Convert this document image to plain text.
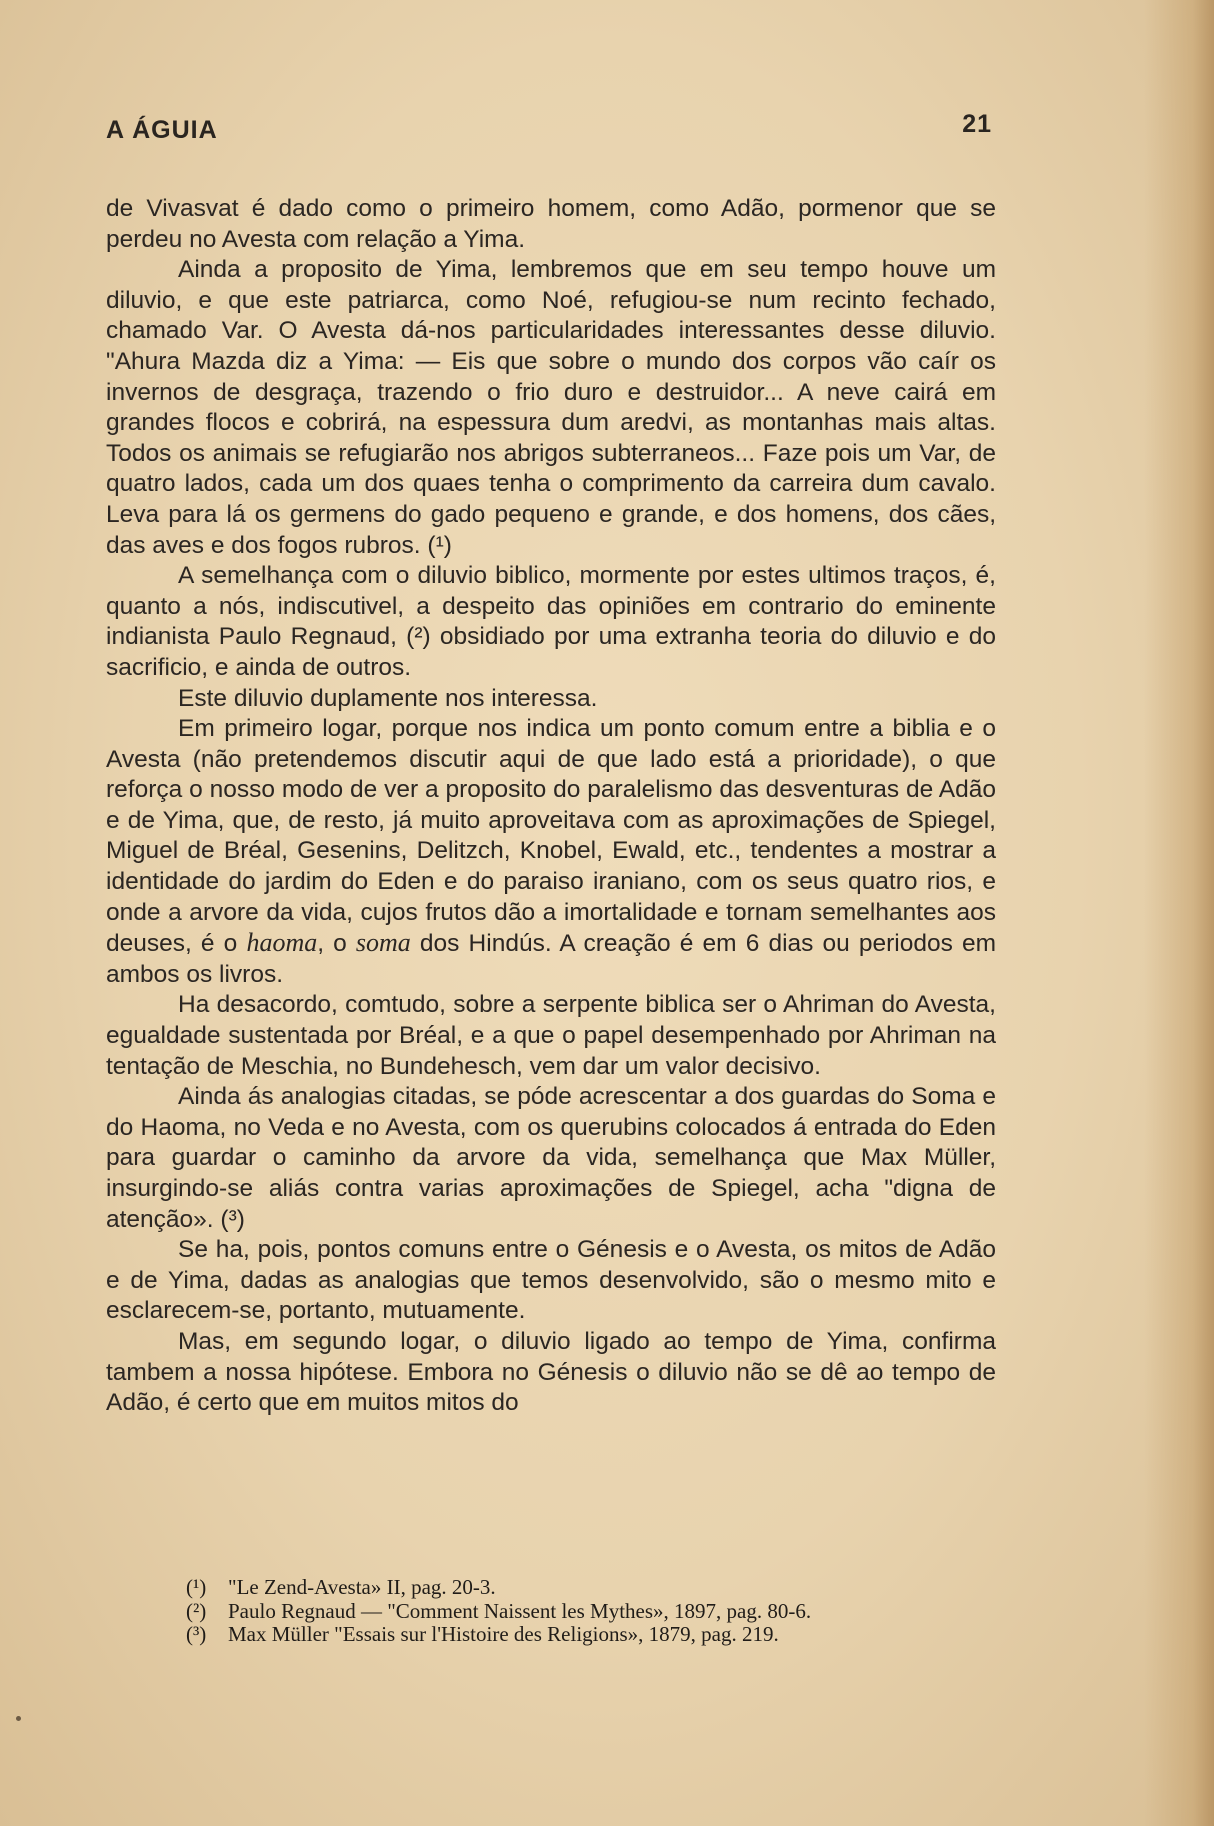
A ÁGUIA	21

de Vivasvat é dado como o primeiro homem, como Adão, pormenor que se perdeu no Avesta com relação a Yima.

Ainda a proposito de Yima, lembremos que em seu tempo houve um diluvio, e que este patriarca, como Noé, refugiou-se num recinto fechado, chamado Var. O Avesta dá-nos particularidades interessantes desse diluvio. "Ahura Mazda diz a Yima: — Eis que sobre o mundo dos corpos vão caír os invernos de desgraça, trazendo o frio duro e destruidor... A neve cairá em grandes flocos e cobrirá, na espessura dum aredvi, as montanhas mais altas. Todos os animais se refugiarão nos abrigos subterraneos... Faze pois um Var, de quatro lados, cada um dos quaes tenha o comprimento da carreira dum cavalo. Leva para lá os germens do gado pequeno e grande, e dos homens, dos cães, das aves e dos fogos rubros. (¹)

A semelhança com o diluvio biblico, mormente por estes ultimos traços, é, quanto a nós, indiscutivel, a despeito das opiniões em contrario do eminente indianista Paulo Regnaud, (²) obsidiado por uma extranha teoria do diluvio e do sacrificio, e ainda de outros.

Este diluvio duplamente nos interessa.

Em primeiro logar, porque nos indica um ponto comum entre a biblia e o Avesta (não pretendemos discutir aqui de que lado está a prioridade), o que reforça o nosso modo de ver a proposito do paralelismo das desventuras de Adão e de Yima, que, de resto, já muito aproveitava com as aproximações de Spiegel, Miguel de Bréal, Gesenins, Delitzch, Knobel, Ewald, etc., tendentes a mostrar a identidade do jardim do Eden e do paraiso iraniano, com os seus quatro rios, e onde a arvore da vida, cujos frutos dão a imortalidade e tornam semelhantes aos deuses, é o haoma, o soma dos Hindús. A creação é em 6 dias ou periodos em ambos os livros.

Ha desacordo, comtudo, sobre a serpente biblica ser o Ahriman do Avesta, egualdade sustentada por Bréal, e a que o papel desempenhado por Ahriman na tentação de Meschia, no Bundehesch, vem dar um valor decisivo.

Ainda ás analogias citadas, se póde acrescentar a dos guardas do Soma e do Haoma, no Veda e no Avesta, com os querubins colocados á entrada do Eden para guardar o caminho da arvore da vida, semelhança que Max Müller, insurgindo-se aliás contra varias aproximações de Spiegel, acha "digna de atenção». (³)

Se ha, pois, pontos comuns entre o Génesis e o Avesta, os mitos de Adão e de Yima, dadas as analogias que temos desenvolvido, são o mesmo mito e esclarecem-se, portanto, mutuamente.

Mas, em segundo logar, o diluvio ligado ao tempo de Yima, confirma tambem a nossa hipótese. Embora no Génesis o diluvio não se dê ao tempo de Adão, é certo que em muitos mitos do

(¹) "Le Zend-Avesta» II, pag. 20-3.
(²) Paulo Regnaud — "Comment Naissent les Mythes», 1897, pag. 80-6.
(³) Max Müller "Essais sur l'Histoire des Religions», 1879, pag. 219.
